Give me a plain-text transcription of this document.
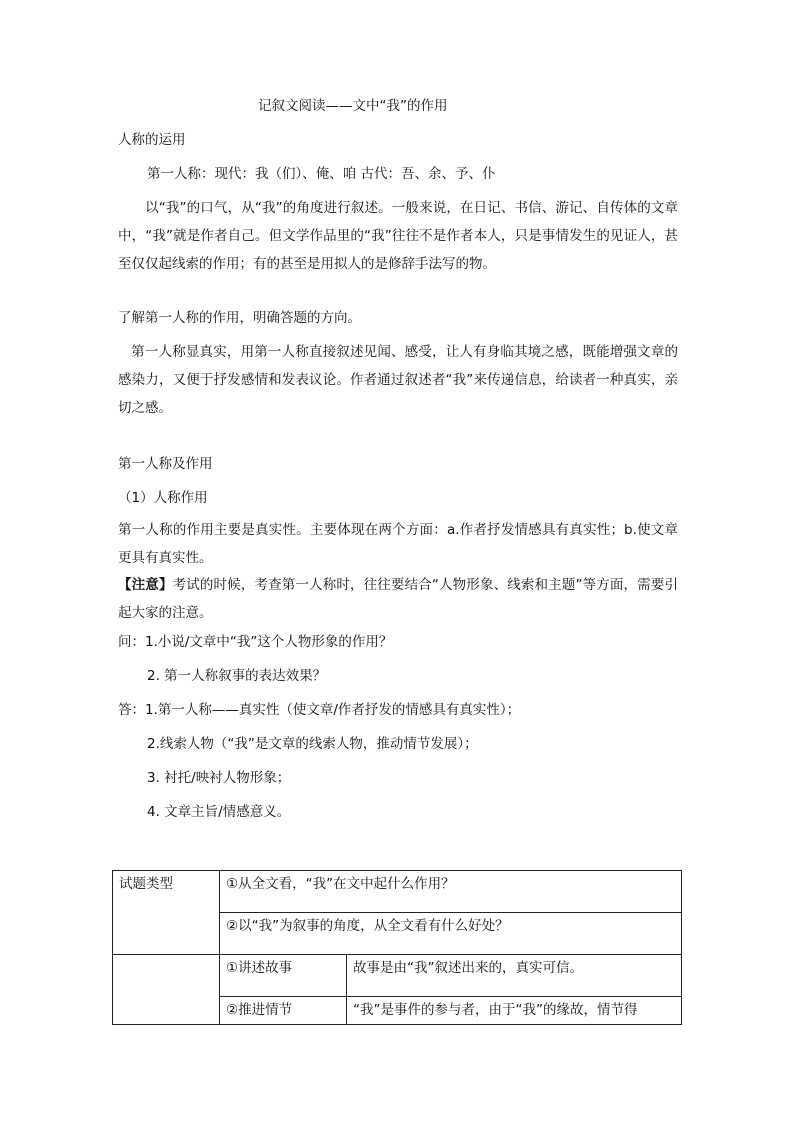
记叙文阅读——文中“我”的作用
人称的运用
第一人称：现代：我（们）、俺、咱 古代：吾、余、予、仆
以“我”的口气，从“我”的角度进行叙述。一般来说，在日记、书信、游记、自传体的文章中，“我”就是作者自己。但文学作品里的“我”往往不是作者本人，只是事情发生的见证人，甚至仅仅起线索的作用；有的甚至是用拟人的是修辞手法写的物。
了解第一人称的作用，明确答题的方向。
第一人称显真实，用第一人称直接叙述见闻、感受，让人有身临其境之感，既能增强文章的感染力，又便于抒发感情和发表议论。作者通过叙述者“我”来传递信息，给读者一种真实，亲切之感。
第一人称及作用
（1）人称作用
第一人称的作用主要是真实性。主要体现在两个方面：a.作者抒发情感具有真实性；b.使文章更具有真实性。
【注意】考试的时候，考查第一人称时，往往要结合“人物形象、线索和主题”等方面，需要引起大家的注意。
问：1.小说/文章中“我”这个人物形象的作用？
2. 第一人称叙事的表达效果？
答：1.第一人称——真实性（使文章/作者抒发的情感具有真实性）；
2.线索人物（“我”是文章的线索人物，推动情节发展）；
3. 衬托/映衬人物形象；
4. 文章主旨/情感意义。
试题类型	①从全文看，“我”在文中起什么作用？	
	②以“我”为叙事的角度，从全文看有什么好处？	
	①讲述故事	故事是由“我”叙述出来的，真实可信。
	②推进情节	“我”是事件的参与者，由于“我”的缘故，情节得
